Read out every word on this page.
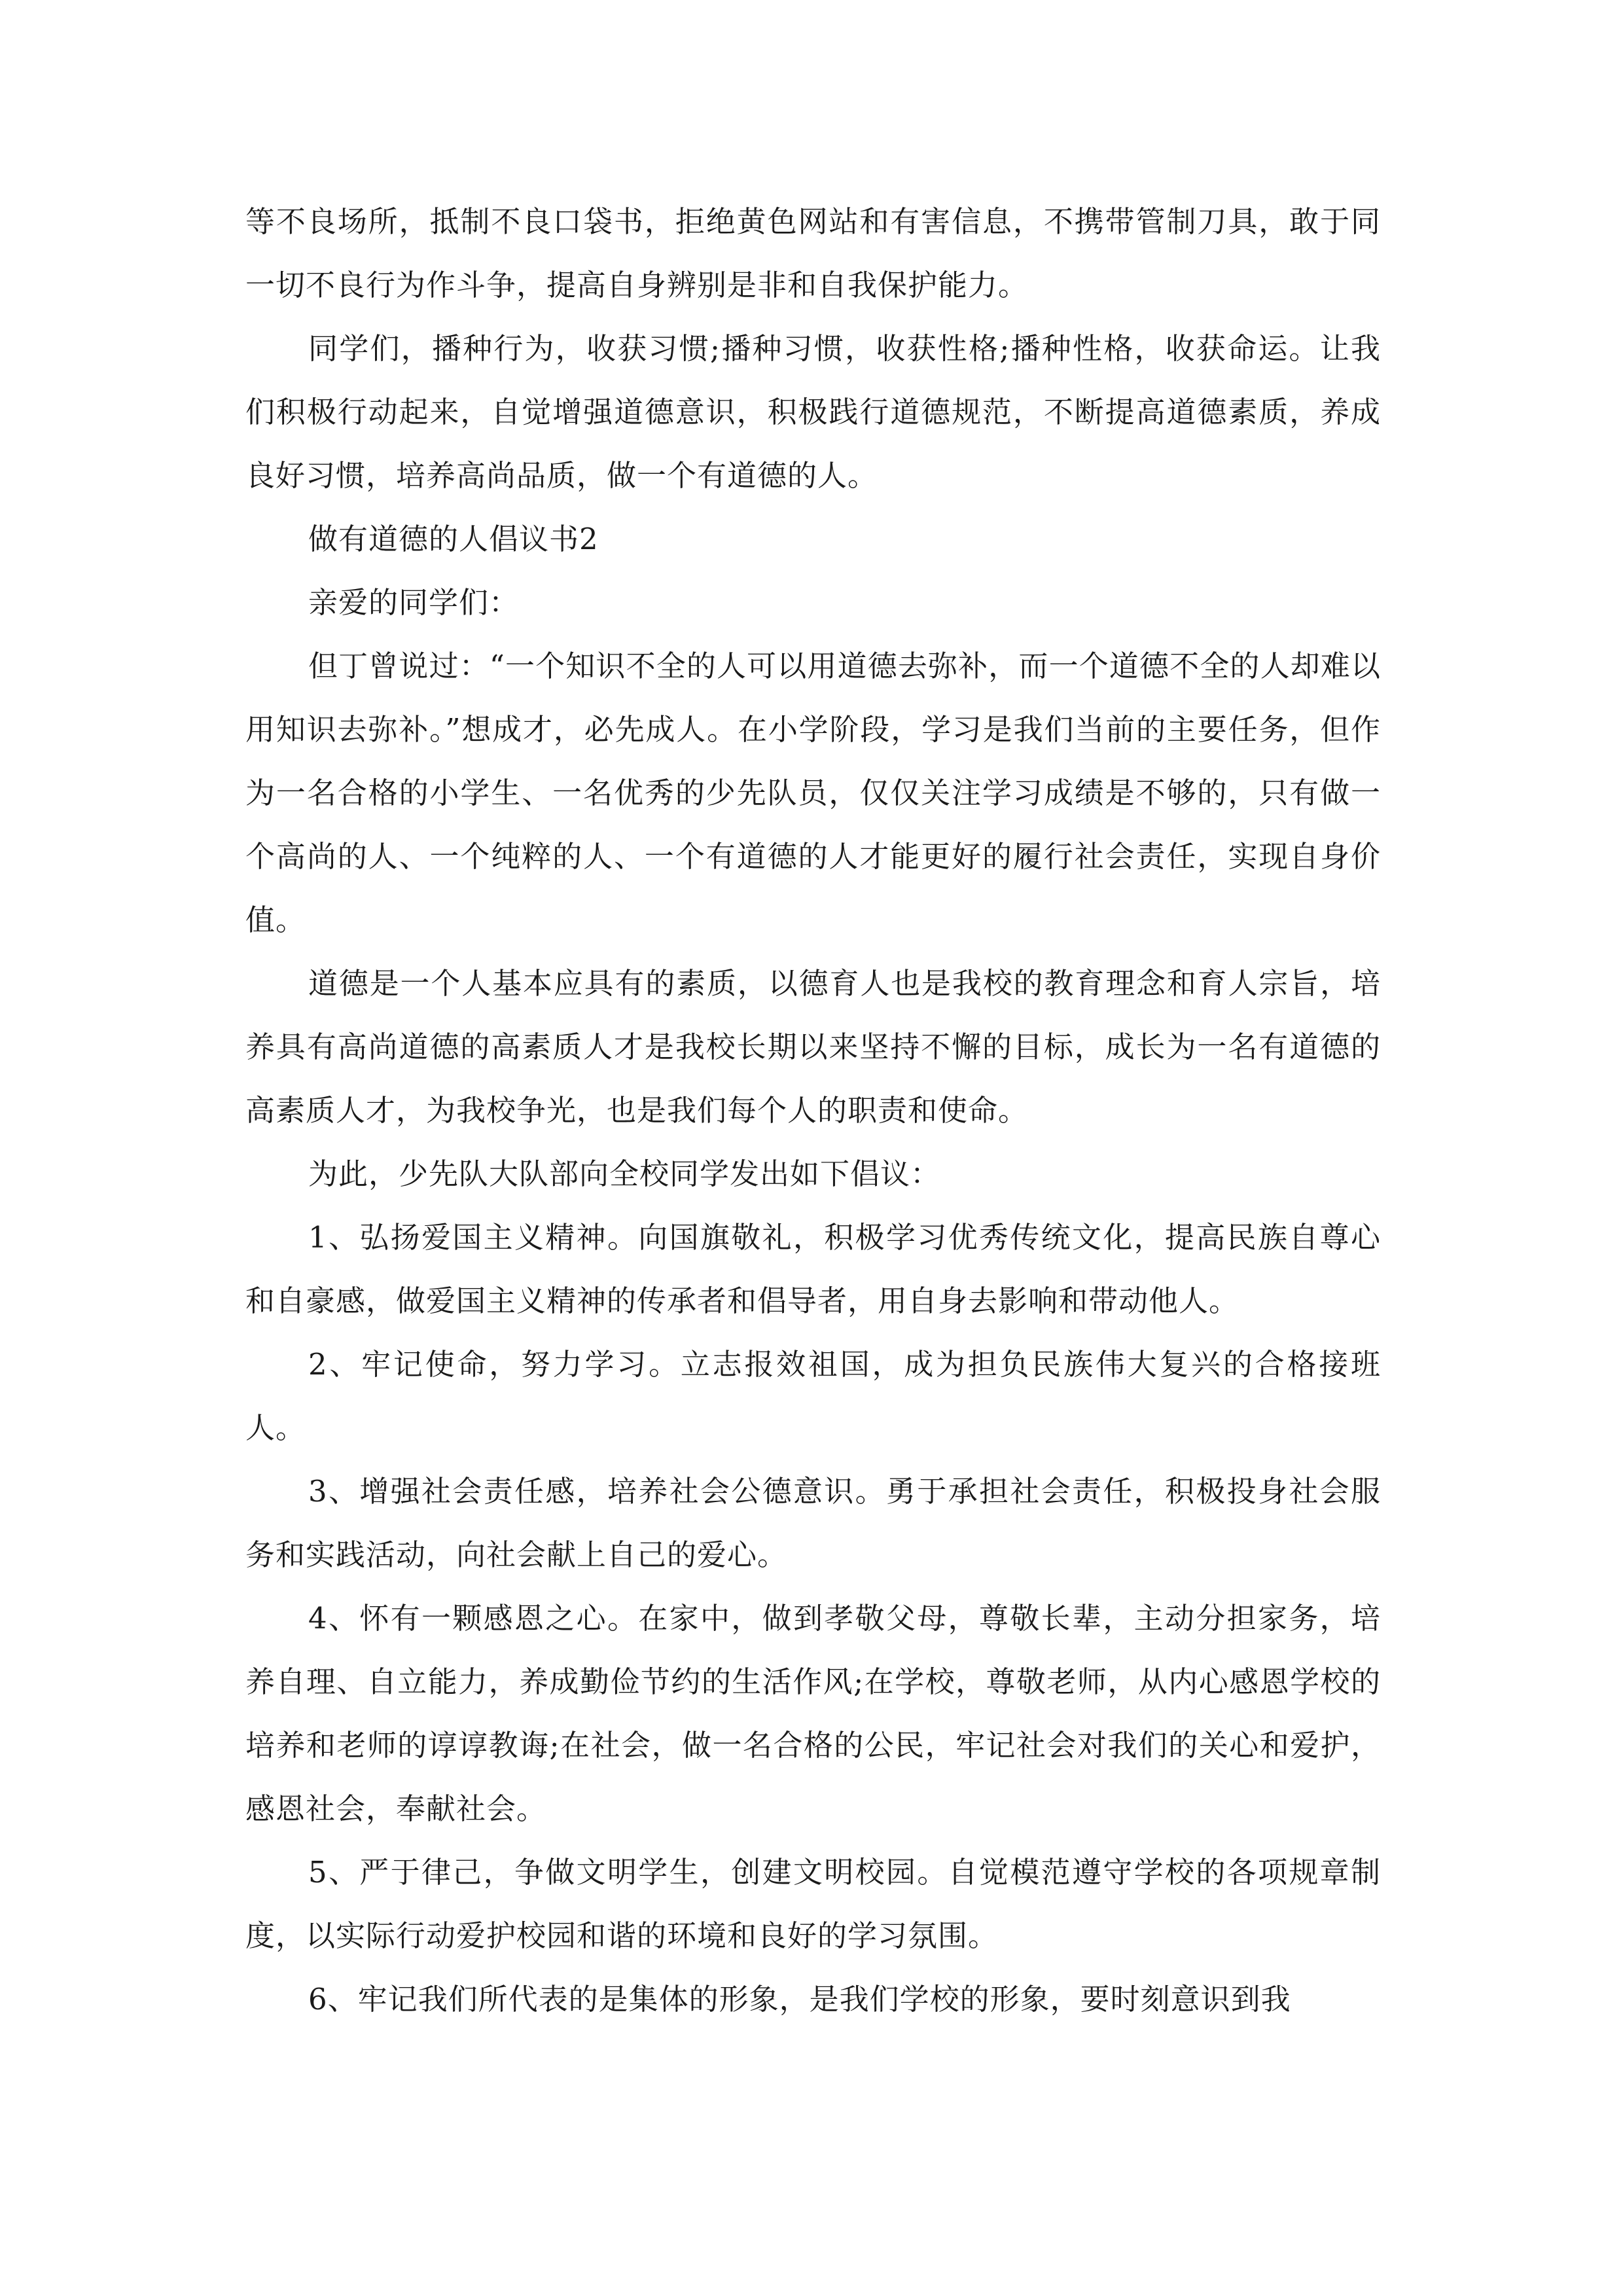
等不良场所，抵制不良口袋书，拒绝黄色网站和有害信息，不携带管制刀具，敢于同一切不良行为作斗争，提高自身辨别是非和自我保护能力。

同学们，播种行为，收获习惯;播种习惯，收获性格;播种性格，收获命运。让我们积极行动起来，自觉增强道德意识，积极践行道德规范，不断提高道德素质，养成良好习惯，培养高尚品质，做一个有道德的人。

做有道德的人倡议书2

亲爱的同学们：

但丁曾说过：“一个知识不全的人可以用道德去弥补，而一个道德不全的人却难以用知识去弥补。”想成才，必先成人。在小学阶段，学习是我们当前的主要任务，但作为一名合格的小学生、一名优秀的少先队员，仅仅关注学习成绩是不够的，只有做一个高尚的人、一个纯粹的人、一个有道德的人才能更好的履行社会责任，实现自身价值。

道德是一个人基本应具有的素质，以德育人也是我校的教育理念和育人宗旨，培养具有高尚道德的高素质人才是我校长期以来坚持不懈的目标，成长为一名有道德的高素质人才，为我校争光，也是我们每个人的职责和使命。

为此，少先队大队部向全校同学发出如下倡议：

1、弘扬爱国主义精神。向国旗敬礼，积极学习优秀传统文化，提高民族自尊心和自豪感，做爱国主义精神的传承者和倡导者，用自身去影响和带动他人。

2、牢记使命，努力学习。立志报效祖国，成为担负民族伟大复兴的合格接班人。

3、增强社会责任感，培养社会公德意识。勇于承担社会责任，积极投身社会服务和实践活动，向社会献上自己的爱心。

4、怀有一颗感恩之心。在家中，做到孝敬父母，尊敬长辈，主动分担家务，培养自理、自立能力，养成勤俭节约的生活作风;在学校，尊敬老师，从内心感恩学校的培养和老师的谆谆教诲;在社会，做一名合格的公民，牢记社会对我们的关心和爱护，感恩社会，奉献社会。

5、严于律己，争做文明学生，创建文明校园。自觉模范遵守学校的各项规章制度，以实际行动爱护校园和谐的环境和良好的学习氛围。

6、牢记我们所代表的是集体的形象，是我们学校的形象，要时刻意识到我
